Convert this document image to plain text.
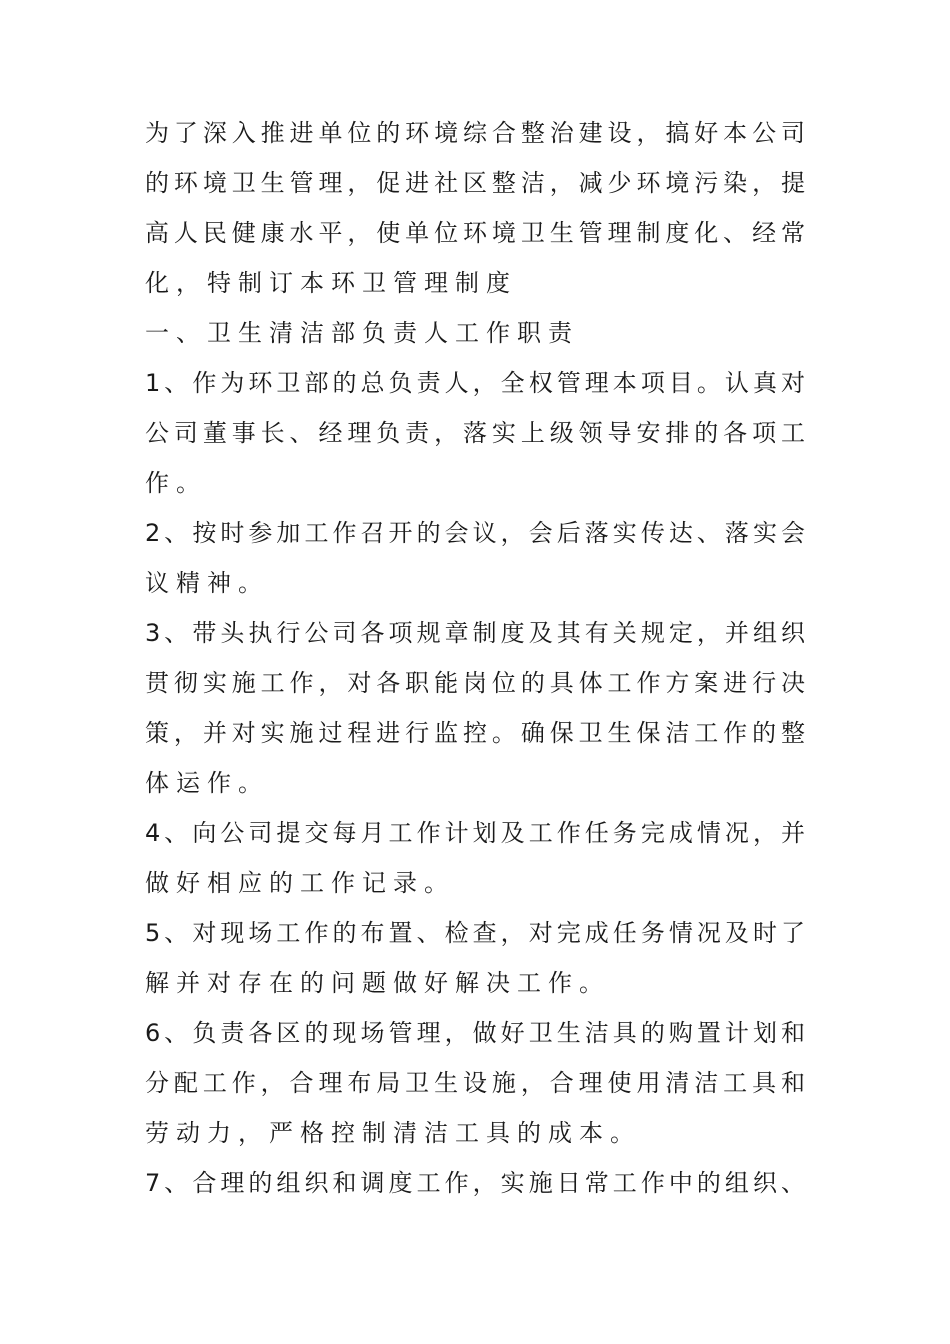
为了深入推进单位的环境综合整治建设，搞好本公司
的环境卫生管理，促进社区整洁，减少环境污染，提
高人民健康水平，使单位环境卫生管理制度化、经常
化，特制订本环卫管理制度
一、卫生清洁部负责人工作职责
1、作为环卫部的总负责人，全权管理本项目。认真对
公司董事长、经理负责，落实上级领导安排的各项工
作。
2、按时参加工作召开的会议，会后落实传达、落实会
议精神。
3、带头执行公司各项规章制度及其有关规定，并组织
贯彻实施工作，对各职能岗位的具体工作方案进行决
策，并对实施过程进行监控。确保卫生保洁工作的整
体运作。
4、向公司提交每月工作计划及工作任务完成情况，并
做好相应的工作记录。
5、对现场工作的布置、检查，对完成任务情况及时了
解并对存在的问题做好解决工作。
6、负责各区的现场管理，做好卫生洁具的购置计划和
分配工作，合理布局卫生设施，合理使用清洁工具和
劳动力，严格控制清洁工具的成本。
7、合理的组织和调度工作，实施日常工作中的组织、
